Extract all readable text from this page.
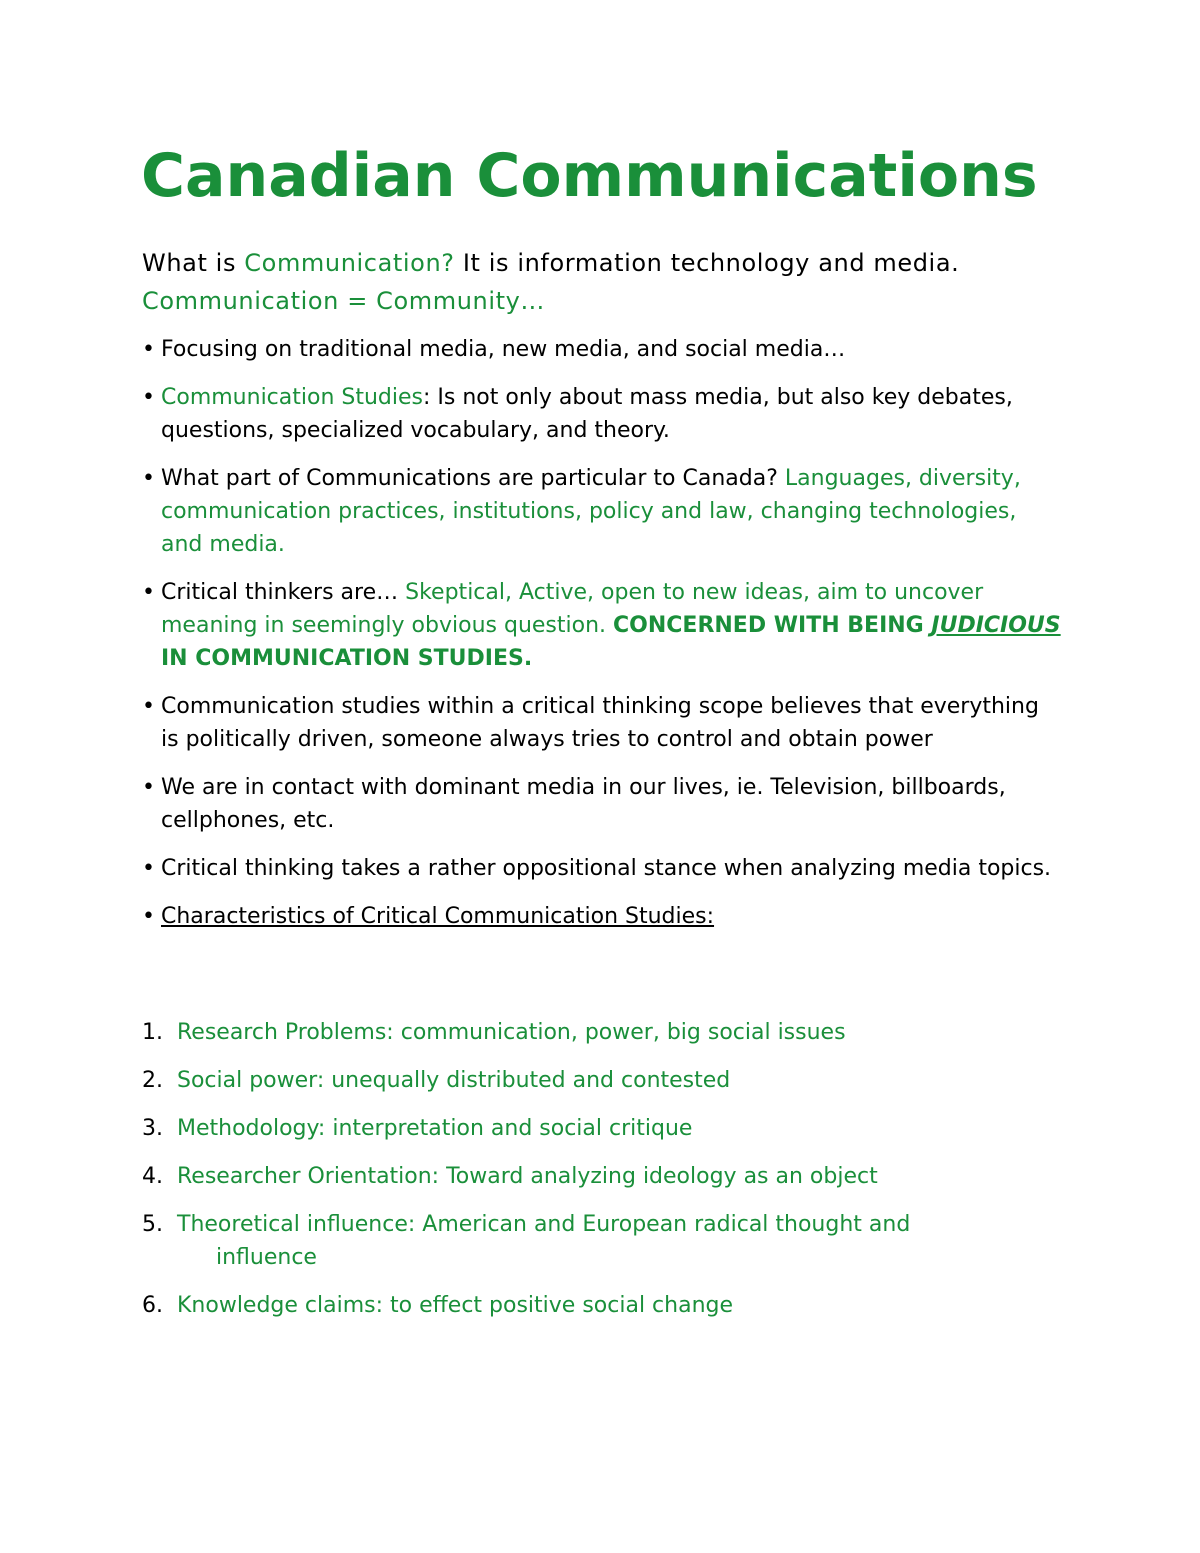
Canadian Communications

What is Communication? It is information technology and media. Communication = Community…

• Focusing on traditional media, new media, and social media…
• Communication Studies: Is not only about mass media, but also key debates, questions, specialized vocabulary, and theory.
• What part of Communications are particular to Canada? Languages, diversity, communication practices, institutions, policy and law, changing technologies, and media.
• Critical thinkers are… Skeptical, Active, open to new ideas, aim to uncover meaning in seemingly obvious question. CONCERNED WITH BEING JUDICIOUS IN COMMUNICATION STUDIES.
• Communication studies within a critical thinking scope believes that everything is politically driven, someone always tries to control and obtain power
• We are in contact with dominant media in our lives, ie. Television, billboards, cellphones, etc.
• Critical thinking takes a rather oppositional stance when analyzing media topics.
• Characteristics of Critical Communication Studies:
1. Research Problems: communication, power, big social issues
2. Social power: unequally distributed and contested
3. Methodology: interpretation and social critique
4. Researcher Orientation: Toward analyzing ideology as an object
5. Theoretical influence: American and European radical thought and
influence
6. Knowledge claims: to effect positive social change
